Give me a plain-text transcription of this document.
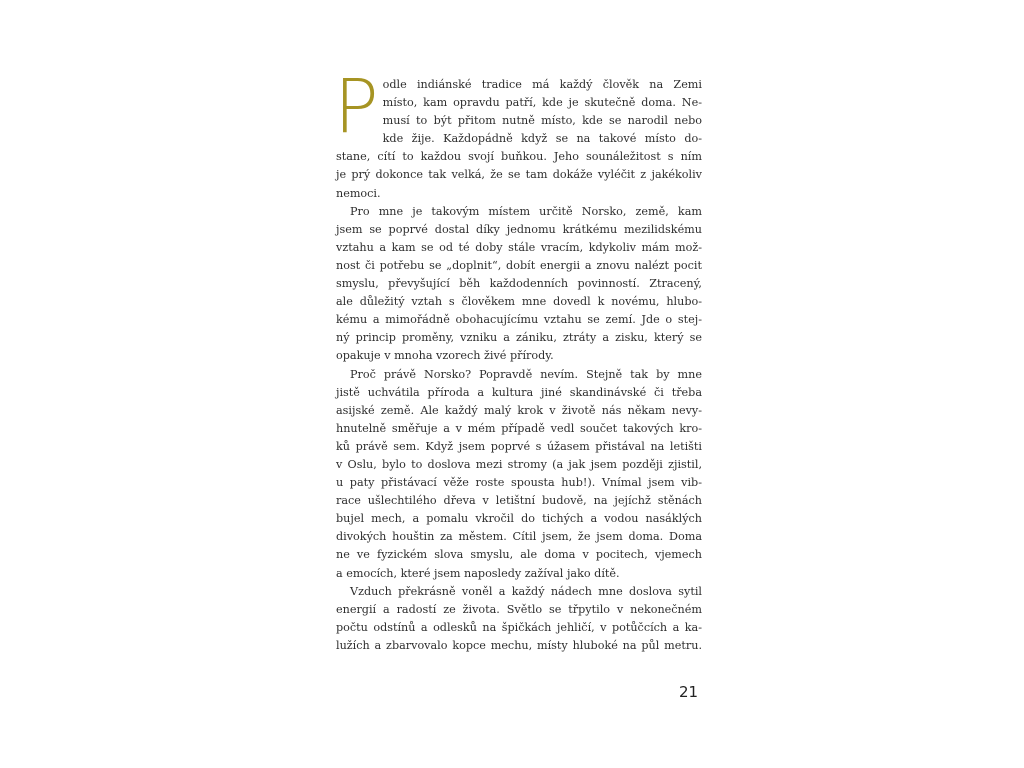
P odle indiánské tradice má každý člověk na Zemi
místo, kam opravdu patří, kde je skutečně doma. Ne-
musí to být přitom nutně místo, kde se narodil nebo
kde žije. Každopádně když se na takové místo do-
stane, cítí to každou svojí buňkou. Jeho sounáležitost s ním
je prý dokonce tak velká, že se tam dokáže vyléčit z jakékoliv
nemoci.

Pro mne je takovým místem určitě Norsko, země, kam
jsem se poprvé dostal díky jednomu krátkému mezilidskému
vztahu a kam se od té doby stále vracím, kdykoliv mám mož-
nost či potřebu se „doplnit“, dobít energii a znovu nalézt pocit
smyslu, převyšující běh každodenních povinností. Ztracený,
ale důležitý vztah s člověkem mne dovedl k novému, hlubo-
kému a mimořádně obohacujícímu vztahu se zemí. Jde o stej-
ný princip proměny, vzniku a zániku, ztráty a zisku, který se
opakuje v mnoha vzorech živé přírody.

Proč právě Norsko? Popravdě nevím. Stejně tak by mne
jistě uchvátila příroda a kultura jiné skandinávské či třeba
asijské země. Ale každý malý krok v životě nás někam nevy-
hnutelně směřuje a v mém případě vedl součet takových kro-
ků právě sem. Když jsem poprvé s úžasem přistával na letišti
v Oslu, bylo to doslova mezi stromy (a jak jsem později zjistil,
u paty přistávací věže roste spousta hub!). Vnímal jsem vib-
race ušlechtilého dřeva v letištní budově, na jejíchž stěnách
bujel mech, a pomalu vkročil do tichých a vodou nasáklých
divokých houštin za městem. Cítil jsem, že jsem doma. Doma
ne ve fyzickém slova smyslu, ale doma v pocitech, vjemech
a emocích, které jsem naposledy zažíval jako dítě.

Vzduch překrásně voněl a každý nádech mne doslova sytil
energií a radostí ze života. Světlo se třpytilo v nekonečném
počtu odstínů a odlesků na špičkách jehličí, v potůčcích a ka-
lužích a zbarvovalo kopce mechu, místy hluboké na půl metru.

21
